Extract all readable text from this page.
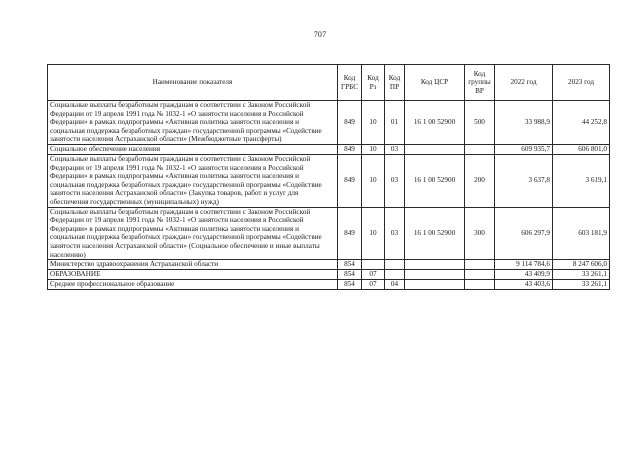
707
Наименование показателя	Код ГРБС	Код Рз	Код ПР	Код ЦСР	Код группы ВР	2022 год	2023 год
Социальные выплаты безработным гражданам в соответствии с Законом Российской Федерации от 19 апреля 1991 года № 1032-1 «О занятости населения в Российской Федерации» в рамках подпрограммы «Активная политика занятости населения и социальная поддержка безработных граждан» государственной программы «Содействие занятости населения Астраханской области» (Межбюджетные трансферты)	849	10	01	16 1 00 52900	500	33 988,9	44 252,8
Социальное обеспечение населения	849	10	03			609 935,7	606 801,0
Социальные выплаты безработным гражданам в соответствии с Законом Российской Федерации от 19 апреля 1991 года № 1032-1 «О занятости населения в Российской Федерации» в рамках подпрограммы «Активная политика занятости населения и социальная поддержка безработных граждан» государственной программы «Содействие занятости населения Астраханской области» (Закупка товаров, работ и услуг для обеспечения государственных (муниципальных) нужд)	849	10	03	16 1 00 52900	200	3 637,8	3 619,1
Социальные выплаты безработным гражданам в соответствии с Законом Российской Федерации от 19 апреля 1991 года № 1032-1 «О занятости населения в Российской Федерации» в рамках подпрограммы «Активная политика занятости населения и социальная поддержка безработных граждан» государственной программы «Содействие занятости населения Астраханской области» (Социальное обеспечение и иные выплаты населению)	849	10	03	16 1 00 52900	300	606 297,9	603 181,9
Министерство здравоохранения Астраханской области	854					9 114 784,6	8 247 606,0
ОБРАЗОВАНИЕ	854	07				43 409,9	33 261,1
Среднее профессиональное образование	854	07	04			43 403,6	33 261,1
